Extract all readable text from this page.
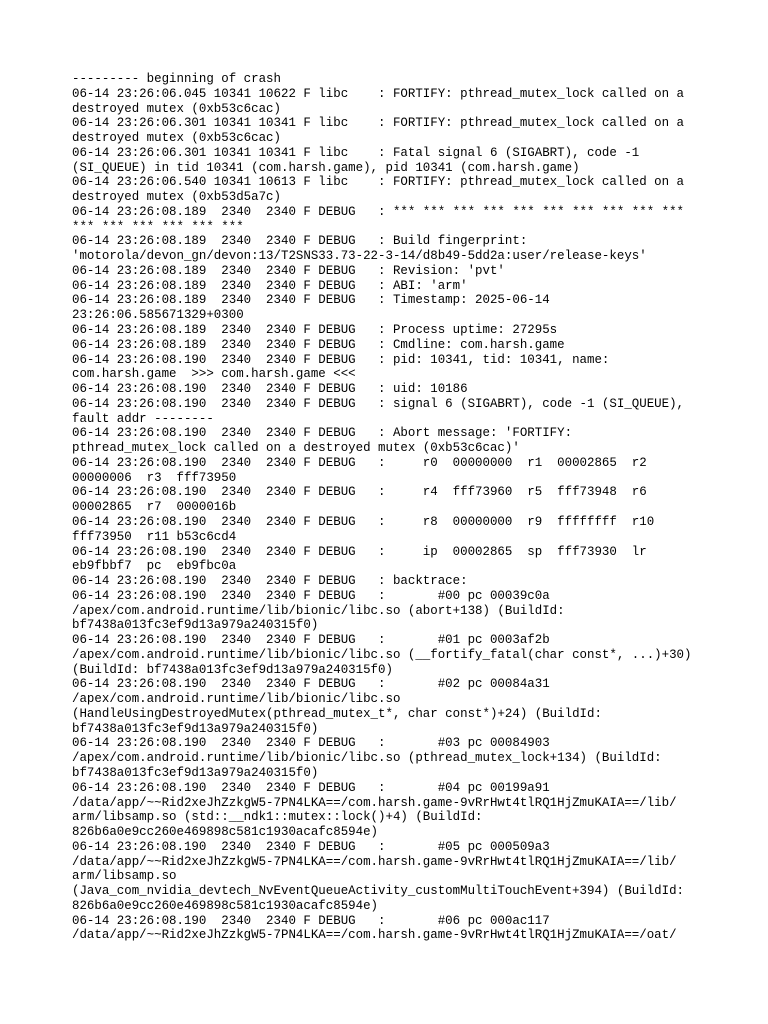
--------- beginning of crash
06-14 23:26:06.045 10341 10622 F libc    : FORTIFY: pthread_mutex_lock called on a
destroyed mutex (0xb53c6cac)
06-14 23:26:06.301 10341 10341 F libc    : FORTIFY: pthread_mutex_lock called on a
destroyed mutex (0xb53c6cac)
06-14 23:26:06.301 10341 10341 F libc    : Fatal signal 6 (SIGABRT), code -1
(SI_QUEUE) in tid 10341 (com.harsh.game), pid 10341 (com.harsh.game)
06-14 23:26:06.540 10341 10613 F libc    : FORTIFY: pthread_mutex_lock called on a
destroyed mutex (0xb53d5a7c)
06-14 23:26:08.189  2340  2340 F DEBUG   : *** *** *** *** *** *** *** *** *** ***
*** *** *** *** *** ***
06-14 23:26:08.189  2340  2340 F DEBUG   : Build fingerprint:
'motorola/devon_gn/devon:13/T2SNS33.73-22-3-14/d8b49-5dd2a:user/release-keys'
06-14 23:26:08.189  2340  2340 F DEBUG   : Revision: 'pvt'
06-14 23:26:08.189  2340  2340 F DEBUG   : ABI: 'arm'
06-14 23:26:08.189  2340  2340 F DEBUG   : Timestamp: 2025-06-14
23:26:06.585671329+0300
06-14 23:26:08.189  2340  2340 F DEBUG   : Process uptime: 27295s
06-14 23:26:08.189  2340  2340 F DEBUG   : Cmdline: com.harsh.game
06-14 23:26:08.190  2340  2340 F DEBUG   : pid: 10341, tid: 10341, name:
com.harsh.game  >>> com.harsh.game <<<
06-14 23:26:08.190  2340  2340 F DEBUG   : uid: 10186
06-14 23:26:08.190  2340  2340 F DEBUG   : signal 6 (SIGABRT), code -1 (SI_QUEUE),
fault addr --------
06-14 23:26:08.190  2340  2340 F DEBUG   : Abort message: 'FORTIFY:
pthread_mutex_lock called on a destroyed mutex (0xb53c6cac)'
06-14 23:26:08.190  2340  2340 F DEBUG   :     r0  00000000  r1  00002865  r2
00000006  r3  fff73950
06-14 23:26:08.190  2340  2340 F DEBUG   :     r4  fff73960  r5  fff73948  r6
00002865  r7  0000016b
06-14 23:26:08.190  2340  2340 F DEBUG   :     r8  00000000  r9  ffffffff  r10
fff73950  r11 b53c6cd4
06-14 23:26:08.190  2340  2340 F DEBUG   :     ip  00002865  sp  fff73930  lr
eb9fbbf7  pc  eb9fbc0a
06-14 23:26:08.190  2340  2340 F DEBUG   : backtrace:
06-14 23:26:08.190  2340  2340 F DEBUG   :       #00 pc 00039c0a
/apex/com.android.runtime/lib/bionic/libc.so (abort+138) (BuildId:
bf7438a013fc3ef9d13a979a240315f0)
06-14 23:26:08.190  2340  2340 F DEBUG   :       #01 pc 0003af2b
/apex/com.android.runtime/lib/bionic/libc.so (__fortify_fatal(char const*, ...)+30)
(BuildId: bf7438a013fc3ef9d13a979a240315f0)
06-14 23:26:08.190  2340  2340 F DEBUG   :       #02 pc 00084a31
/apex/com.android.runtime/lib/bionic/libc.so
(HandleUsingDestroyedMutex(pthread_mutex_t*, char const*)+24) (BuildId:
bf7438a013fc3ef9d13a979a240315f0)
06-14 23:26:08.190  2340  2340 F DEBUG   :       #03 pc 00084903
/apex/com.android.runtime/lib/bionic/libc.so (pthread_mutex_lock+134) (BuildId:
bf7438a013fc3ef9d13a979a240315f0)
06-14 23:26:08.190  2340  2340 F DEBUG   :       #04 pc 00199a91
/data/app/~~Rid2xeJhZzkgW5-7PN4LKA==/com.harsh.game-9vRrHwt4tlRQ1HjZmuKAIA==/lib/
arm/libsamp.so (std::__ndk1::mutex::lock()+4) (BuildId:
826b6a0e9cc260e469898c581c1930acafc8594e)
06-14 23:26:08.190  2340  2340 F DEBUG   :       #05 pc 000509a3
/data/app/~~Rid2xeJhZzkgW5-7PN4LKA==/com.harsh.game-9vRrHwt4tlRQ1HjZmuKAIA==/lib/
arm/libsamp.so
(Java_com_nvidia_devtech_NvEventQueueActivity_customMultiTouchEvent+394) (BuildId:
826b6a0e9cc260e469898c581c1930acafc8594e)
06-14 23:26:08.190  2340  2340 F DEBUG   :       #06 pc 000ac117
/data/app/~~Rid2xeJhZzkgW5-7PN4LKA==/com.harsh.game-9vRrHwt4tlRQ1HjZmuKAIA==/oat/
